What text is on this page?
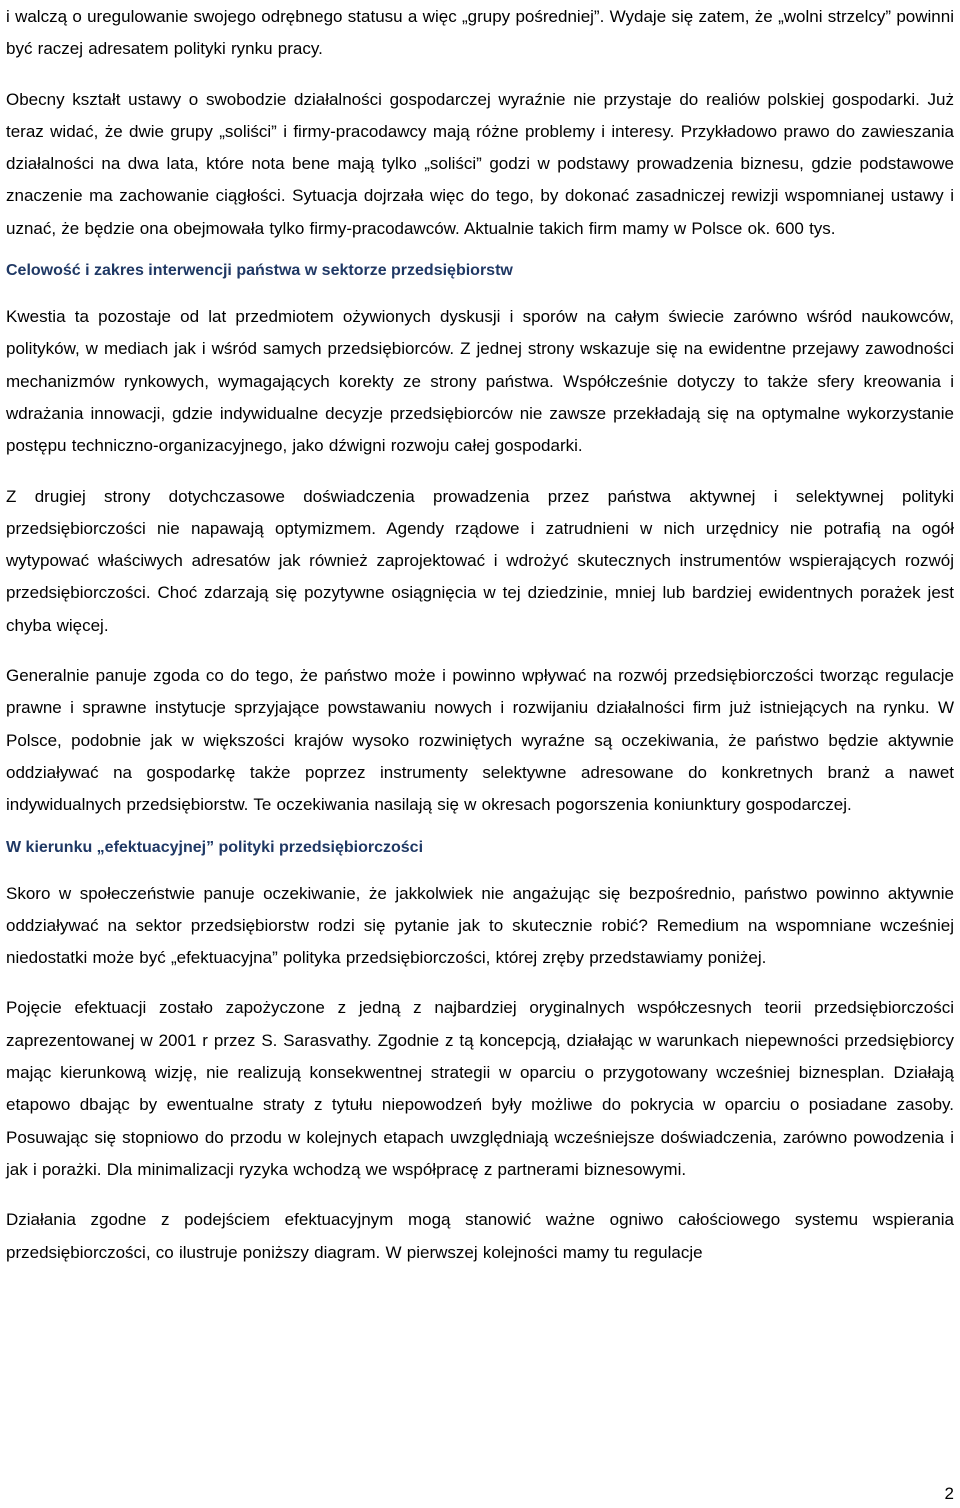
i walczą o uregulowanie swojego odrębnego statusu a więc „grupy pośredniej”. Wydaje się zatem, że „wolni strzelcy” powinni być raczej adresatem polityki rynku pracy.

Obecny kształt ustawy o swobodzie działalności gospodarczej wyraźnie nie przystaje do realiów polskiej gospodarki. Już teraz widać, że dwie grupy „soliści” i firmy-pracodawcy mają różne problemy i interesy. Przykładowo prawo do zawieszania działalności na dwa lata, które nota bene mają tylko „soliści” godzi w podstawy prowadzenia biznesu, gdzie podstawowe znaczenie ma zachowanie ciągłości. Sytuacja dojrzała więc do tego, by dokonać zasadniczej rewizji wspomnianej ustawy i uznać, że będzie ona obejmowała tylko firmy-pracodawców. Aktualnie takich firm mamy w Polsce ok. 600 tys.

Celowość i zakres interwencji państwa w sektorze przedsiębiorstw

Kwestia ta pozostaje od lat przedmiotem ożywionych dyskusji i sporów na całym świecie zarówno wśród naukowców, polityków, w mediach jak i wśród samych przedsiębiorców. Z jednej strony wskazuje się na ewidentne przejawy zawodności mechanizmów rynkowych, wymagających korekty ze strony państwa. Współcześnie dotyczy to także sfery kreowania i wdrażania innowacji, gdzie indywidualne decyzje przedsiębiorców nie zawsze przekładają się na optymalne wykorzystanie postępu techniczno-organizacyjnego, jako dźwigni rozwoju całej gospodarki.

Z drugiej strony dotychczasowe doświadczenia prowadzenia przez państwa aktywnej i selektywnej polityki przedsiębiorczości nie napawają optymizmem. Agendy rządowe i zatrudnieni w nich urzędnicy nie potrafią na ogół wytypować właściwych adresatów jak również zaprojektować i wdrożyć skutecznych instrumentów wspierających rozwój przedsiębiorczości. Choć zdarzają się pozytywne osiągnięcia w tej dziedzinie, mniej lub bardziej ewidentnych porażek jest chyba więcej.

Generalnie panuje zgoda co do tego, że państwo może i powinno wpływać na rozwój przedsiębiorczości tworząc regulacje prawne i sprawne instytucje sprzyjające powstawaniu nowych i rozwijaniu działalności firm już istniejących na rynku. W Polsce, podobnie jak w większości krajów wysoko rozwiniętych wyraźne są oczekiwania, że państwo będzie aktywnie oddziaływać na gospodarkę także poprzez instrumenty selektywne adresowane do konkretnych branż a nawet indywidualnych przedsiębiorstw. Te oczekiwania nasilają się w okresach pogorszenia koniunktury gospodarczej.

W kierunku „efektuacyjnej” polityki przedsiębiorczości

Skoro w społeczeństwie panuje oczekiwanie, że jakkolwiek nie angażując się bezpośrednio, państwo powinno aktywnie oddziaływać na sektor przedsiębiorstw rodzi się pytanie jak to skutecznie robić? Remedium na wspomniane wcześniej niedostatki może być „efektuacyjna” polityka przedsiębiorczości, której zręby przedstawiamy poniżej.

Pojęcie efektuacji zostało zapożyczone z jedną z najbardziej oryginalnych współczesnych teorii przedsiębiorczości zaprezentowanej w 2001 r przez S. Sarasvathy. Zgodnie z tą koncepcją, działając w warunkach niepewności przedsiębiorcy mając kierunkową wizję, nie realizują konsekwentnej strategii w oparciu o przygotowany wcześniej biznesplan. Działają etapowo dbając by ewentualne straty z tytułu niepowodzeń były możliwe do pokrycia w oparciu o posiadane zasoby. Posuwając się stopniowo do przodu w kolejnych etapach uwzględniają wcześniejsze doświadczenia, zarówno powodzenia i jak i porażki. Dla minimalizacji ryzyka wchodzą we współpracę z partnerami biznesowymi.

Działania zgodne z podejściem efektuacyjnym mogą stanowić ważne ogniwo całościowego systemu wspierania przedsiębiorczości, co ilustruje poniższy diagram. W pierwszej kolejności mamy tu regulacje

2
